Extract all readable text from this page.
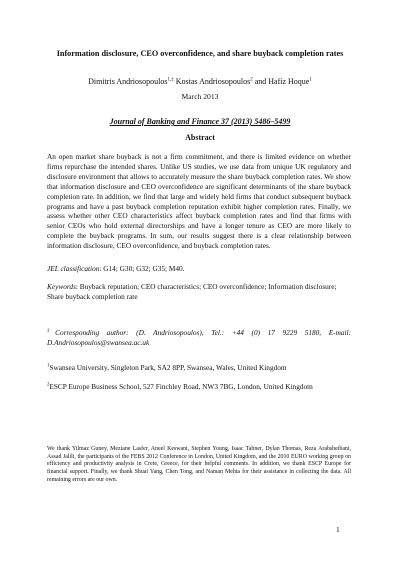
Information disclosure, CEO overconfidence, and share buyback completion rates
Dimitris Andriosopoulos$^{1,\ddagger}$ Kostas Andriosopoulos$^2$ and Hafiz Hoque$^1$
March 2013
Journal of Banking and Finance 37 (2013) 5486–5499
Abstract
An open market share buyback is not a firm commitment, and there is limited evidence on whether firms repurchase the intended shares. Unlike US studies, we use data from unique UK regulatory and disclosure environment that allows to accurately measure the share buyback completion rates. We show that information disclosure and CEO overconfidence are significant determinants of the share buyback completion rate. In addition, we find that large and widely held firms that conduct subsequent buyback programs and have a past buyback completion reputation exhibit higher completion rates. Finally, we assess whether other CEO characteristics affect buyback completion rates and find that firms with senior CEOs who hold external directorships and have a longer tenure as CEO are more likely to complete the buyback programs. In sum, our results suggest there is a clear relationship between information disclosure, CEO overconfidence, and buyback completion rates.
JEL classification: G14; G30; G32; G35; M40.
Keywords: Buyback reputation; CEO characteristics; CEO overconfidence; Information disclosure; Share buyback completion rate
‡Corresponding author: (D. Andriosopoulos), Tel.: +44 (0) 17 9229 5180, E-mail: D.Andriosopoulos@swansea.ac.uk
$^1$Swansea University, Singleton Park, SA2 8PP, Swansea, Wales, United Kingdom
$^2$ESCP Europe Business School, 527 Finchley Road, NW3 7BG, London, United Kingdom
We thank Yilmaz Guney, Meziane Lasfer, Aneel Keswani, Stephen Young, Isaac Tabner, Dylan Thomas, Reza Arabsheibani, Assad Jalili, the participants of the FEBS 2012 Conference in London, United Kingdom, and the 2010 EURO working group on efficiency and productivity analysis in Crete, Greece, for their helpful comments. In addition, we thank ESCP Europe for financial support. Finally, we thank Shuai Yang, Chen Tong, and Naman Mehta for their assistance in collecting the data. All remaining errors are our own.
1
